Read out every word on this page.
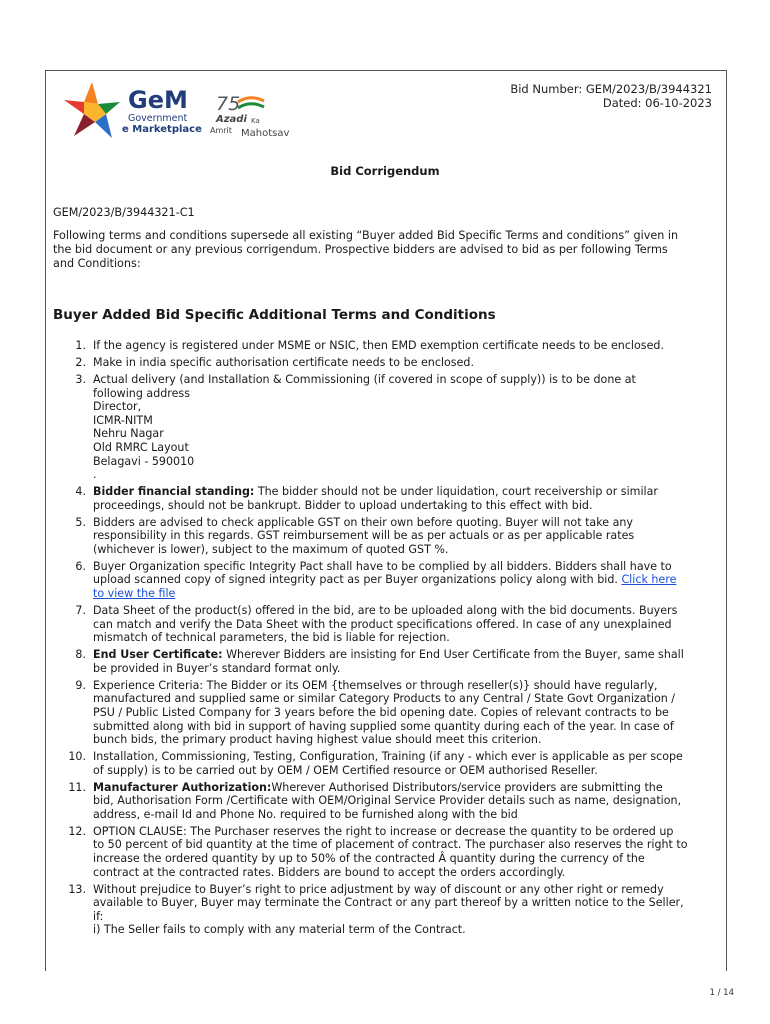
GeM
Government
e Marketplace
75
Azadi Ka
Amrit Mahotsav
Bid Number: GEM/2023/B/3944321
Dated: 06-10-2023
Bid Corrigendum
GEM/2023/B/3944321-C1
Following terms and conditions supersede all existing “Buyer added Bid Specific Terms and conditions” given in
the bid document or any previous corrigendum. Prospective bidders are advised to bid as per following Terms
and Conditions:
Buyer Added Bid Specific Additional Terms and Conditions
1. If the agency is registered under MSME or NSIC, then EMD exemption certificate needs to be enclosed.
2. Make in india specific authorisation certificate needs to be enclosed.
3. Actual delivery (and Installation & Commissioning (if covered in scope of supply)) is to be done at
following address
Director,
ICMR-NITM
Nehru Nagar
Old RMRC Layout
Belagavi - 590010
.
4. Bidder financial standing: The bidder should not be under liquidation, court receivership or similar
proceedings, should not be bankrupt. Bidder to upload undertaking to this effect with bid.
5. Bidders are advised to check applicable GST on their own before quoting. Buyer will not take any
responsibility in this regards. GST reimbursement will be as per actuals or as per applicable rates
(whichever is lower), subject to the maximum of quoted GST %.
6. Buyer Organization specific Integrity Pact shall have to be complied by all bidders. Bidders shall have to
upload scanned copy of signed integrity pact as per Buyer organizations policy along with bid. Click here
to view the file
7. Data Sheet of the product(s) offered in the bid, are to be uploaded along with the bid documents. Buyers
can match and verify the Data Sheet with the product specifications offered. In case of any unexplained
mismatch of technical parameters, the bid is liable for rejection.
8. End User Certificate: Wherever Bidders are insisting for End User Certificate from the Buyer, same shall
be provided in Buyer’s standard format only.
9. Experience Criteria: The Bidder or its OEM {themselves or through reseller(s)} should have regularly,
manufactured and supplied same or similar Category Products to any Central / State Govt Organization /
PSU / Public Listed Company for 3 years before the bid opening date. Copies of relevant contracts to be
submitted along with bid in support of having supplied some quantity during each of the year. In case of
bunch bids, the primary product having highest value should meet this criterion.
10. Installation, Commissioning, Testing, Configuration, Training (if any - which ever is applicable as per scope
of supply) is to be carried out by OEM / OEM Certified resource or OEM authorised Reseller.
11. Manufacturer Authorization:Wherever Authorised Distributors/service providers are submitting the
bid, Authorisation Form /Certificate with OEM/Original Service Provider details such as name, designation,
address, e-mail Id and Phone No. required to be furnished along with the bid
12. OPTION CLAUSE: The Purchaser reserves the right to increase or decrease the quantity to be ordered up
to 50 percent of bid quantity at the time of placement of contract. The purchaser also reserves the right to
increase the ordered quantity by up to 50% of the contracted Â quantity during the currency of the
contract at the contracted rates. Bidders are bound to accept the orders accordingly.
13. Without prejudice to Buyer’s right to price adjustment by way of discount or any other right or remedy
available to Buyer, Buyer may terminate the Contract or any part thereof by a written notice to the Seller,
if:
i) The Seller fails to comply with any material term of the Contract.
1 / 14
